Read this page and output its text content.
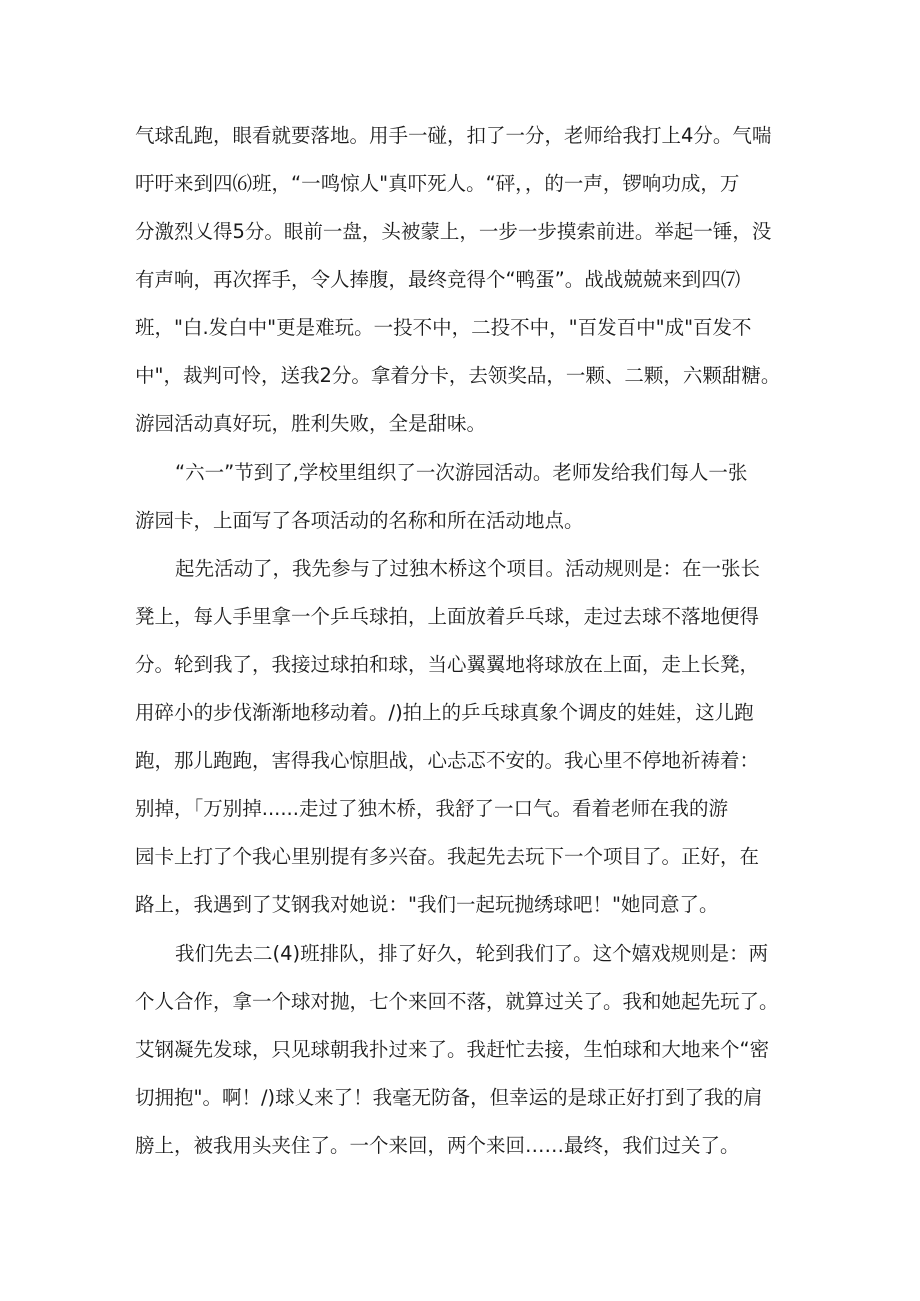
气球乱跑，眼看就要落地。用手一碰，扣了一分，老师给我打上4分。气喘
吁吁来到四⑹班，“一鸣惊人"真吓死人。“砰，，的一声，锣响功成，万
分激烈乂得5分。眼前一盘，头被蒙上，一步一步摸索前进。举起一锤，没
有声响，再次挥手，令人捧腹，最终竞得个“鸭蛋”。战战兢兢来到四⑺
班，"白.发白中"更是难玩。一投不中，二投不中，"百发百中"成"百发不
中"，裁判可怜，送我2分。拿着分卡，去领奖品，一颗、二颗，六颗甜糖。
游园活动真好玩，胜利失败，全是甜味。
“六一”节到了,学校里组织了一次游园活动。老师发给我们每人一张
游园卡，上面写了各项活动的名称和所在活动地点。
起先活动了，我先参与了过独木桥这个项目。活动规则是：在一张长
凳上，每人手里拿一个乒乓球拍，上面放着乒乓球，走过去球不落地便得
分。轮到我了，我接过球拍和球，当心翼翼地将球放在上面，走上长凳，
用碎小的步伐渐渐地移动着。/)拍上的乒乓球真象个调皮的娃娃，这儿跑
跑，那儿跑跑，害得我心惊胆战，心忐忑不安的。我心里不停地祈祷着：
别掉，「万别掉......走过了独木桥，我舒了一口气。看着老师在我的游
园卡上打了个我心里别提有多兴奋。我起先去玩下一个项目了。正好，在
路上，我遇到了艾钢我对她说："我们一起玩抛绣球吧！"她同意了。
我们先去二(4)班排队，排了好久，轮到我们了。这个嬉戏规则是：两
个人合作，拿一个球对抛，七个来回不落，就算过关了。我和她起先玩了。
艾钢凝先发球，只见球朝我扑过来了。我赶忙去接，生怕球和大地来个“密
切拥抱"。啊！/)球乂来了！我毫无防备，但幸运的是球正好打到了我的肩
膀上，被我用头夹住了。一个来回，两个来回……最终，我们过关了。
